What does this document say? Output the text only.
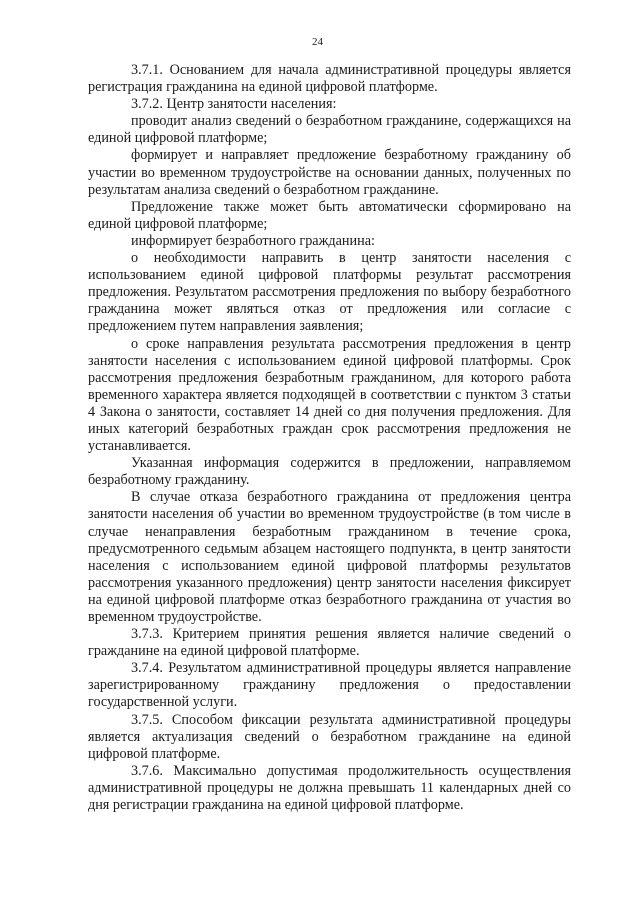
24

3.7.1. Основанием для начала административной процедуры является регистрация гражданина на единой цифровой платформе.

3.7.2. Центр занятости населения:

проводит анализ сведений о безработном гражданине, содержащихся на единой цифровой платформе;

формирует и направляет предложение безработному гражданину об участии во временном трудоустройстве на основании данных, полученных по результатам анализа сведений о безработном гражданине.

Предложение также может быть автоматически сформировано на единой цифровой платформе;

информирует безработного гражданина:

о необходимости направить в центр занятости населения с использованием единой цифровой платформы результат рассмотрения предложения. Результатом рассмотрения предложения по выбору безработного гражданина может являться отказ от предложения или согласие с предложением путем направления заявления;

о сроке направления результата рассмотрения предложения в центр занятости населения с использованием единой цифровой платформы. Срок рассмотрения предложения безработным гражданином, для которого работа временного характера является подходящей в соответствии с пунктом 3 статьи 4 Закона о занятости, составляет 14 дней со дня получения предложения. Для иных категорий безработных граждан срок рассмотрения предложения не устанавливается.

Указанная информация содержится в предложении, направляемом безработному гражданину.

В случае отказа безработного гражданина от предложения центра занятости населения об участии во временном трудоустройстве (в том числе в случае ненаправления безработным гражданином в течение срока, предусмотренного седьмым абзацем настоящего подпункта, в центр занятости населения с использованием единой цифровой платформы результатов рассмотрения указанного предложения) центр занятости населения фиксирует на единой цифровой платформе отказ безработного гражданина от участия во временном трудоустройстве.

3.7.3. Критерием принятия решения является наличие сведений о гражданине на единой цифровой платформе.

3.7.4. Результатом административной процедуры является направление зарегистрированному гражданину предложения о предоставлении государственной услуги.

3.7.5. Способом фиксации результата административной процедуры является актуализация сведений о безработном гражданине на единой цифровой платформе.

3.7.6. Максимально допустимая продолжительность осуществления административной процедуры не должна превышать 11 календарных дней со дня регистрации гражданина на единой цифровой платформе.
